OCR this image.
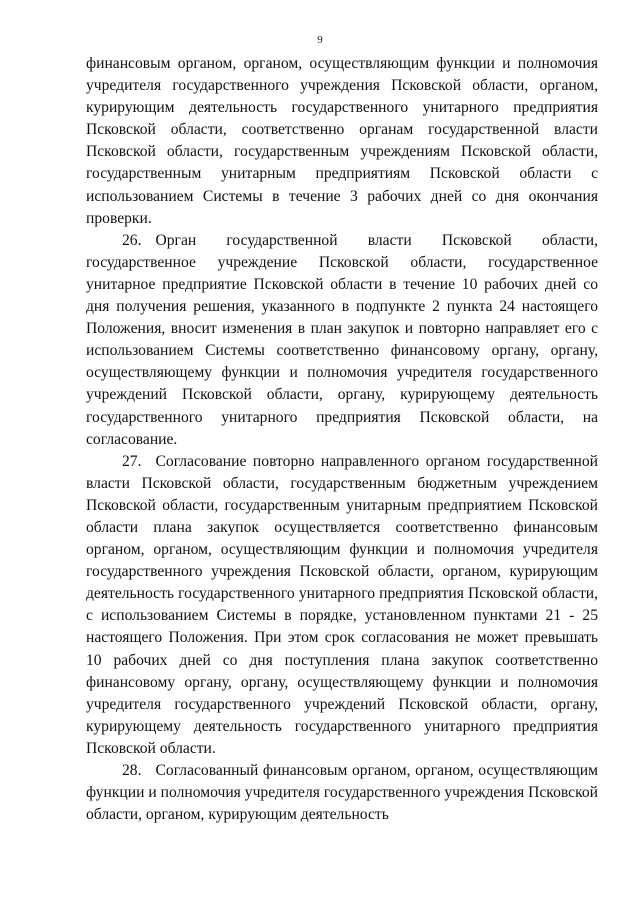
9

финансовым органом, органом, осуществляющим функции и полномочия учредителя государственного учреждения Псковской области, органом, курирующим деятельность государственного унитарного предприятия Псковской области, соответственно органам государственной власти Псковской области, государственным учреждениям Псковской области, государственным унитарным предприятиям Псковской области с использованием Системы в течение 3 рабочих дней со дня окончания проверки.

26. Орган государственной власти Псковской области, государственное учреждение Псковской области, государственное унитарное предприятие Псковской области в течение 10 рабочих дней со дня получения решения, указанного в подпункте 2 пункта 24 настоящего Положения, вносит изменения в план закупок и повторно направляет его с использованием Системы соответственно финансовому органу, органу, осуществляющему функции и полномочия учредителя государственного учреждений Псковской области, органу, курирующему деятельность государственного унитарного предприятия Псковской области, на согласование.

27. Согласование повторно направленного органом государственной власти Псковской области, государственным бюджетным учреждением Псковской области, государственным унитарным предприятием Псковской области плана закупок осуществляется соответственно финансовым органом, органом, осуществляющим функции и полномочия учредителя государственного учреждения Псковской области, органом, курирующим деятельность государственного унитарного предприятия Псковской области, с использованием Системы в порядке, установленном пунктами 21 - 25 настоящего Положения. При этом срок согласования не может превышать 10 рабочих дней со дня поступления плана закупок соответственно финансовому органу, органу, осуществляющему функции и полномочия учредителя государственного учреждений Псковской области, органу, курирующему деятельность государственного унитарного предприятия Псковской области.

28. Согласованный финансовым органом, органом, осуществляющим функции и полномочия учредителя государственного учреждения Псковской области, органом, курирующим деятельность
